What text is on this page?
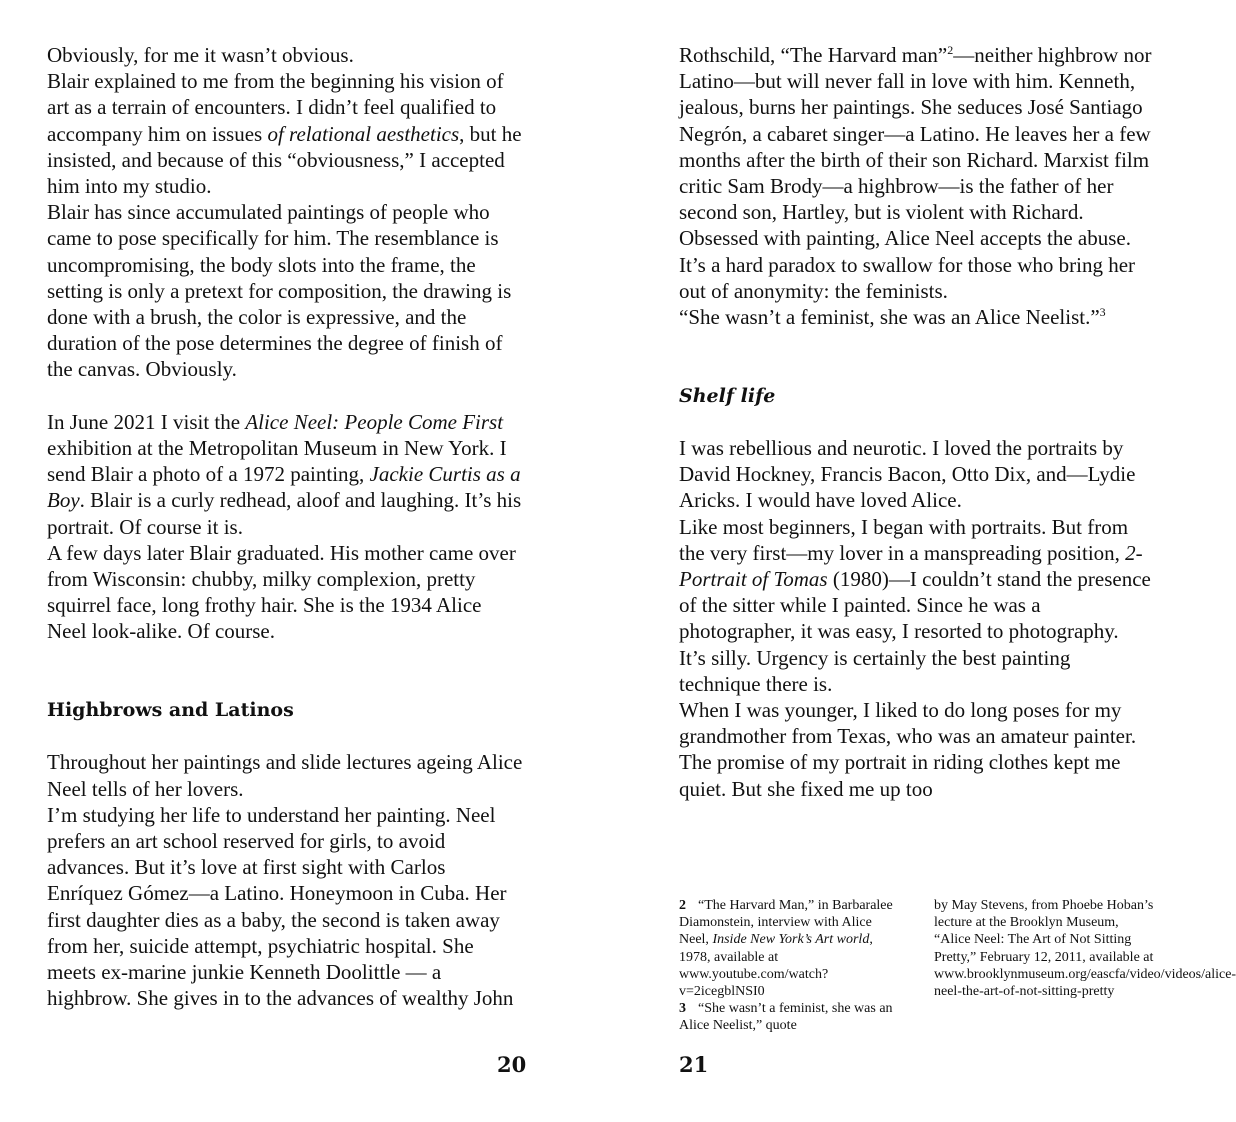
Obviously, for me it wasn’t obvious.

Blair explained to me from the beginning his vision of art as a terrain of encounters. I didn’t feel qualified to accompany him on issues of relational aesthetics, but he insisted, and because of this “obviousness,” I accepted him into my studio.

Blair has since accumulated paintings of people who came to pose specifically for him. The resemblance is uncompromising, the body slots into the frame, the setting is only a pretext for composition, the drawing is done with a brush, the color is expressive, and the duration of the pose determines the degree of finish of the canvas. Obviously.

In June 2021 I visit the Alice Neel: People Come First exhibition at the Metropolitan Museum in New York. I send Blair a photo of a 1972 painting, Jackie Curtis as a Boy. Blair is a curly redhead, aloof and laughing. It’s his portrait. Of course it is.

A few days later Blair graduated. His mother came over from Wisconsin: chubby, milky complexion, pretty squirrel face, long frothy hair. She is the 1934 Alice Neel look-alike. Of course.

Highbrows and Latinos

Throughout her paintings and slide lectures ageing Alice Neel tells of her lovers.

I’m studying her life to understand her painting. Neel prefers an art school reserved for girls, to avoid advances. But it’s love at first sight with Carlos Enríquez Gómez—a Latino. Honeymoon in Cuba. Her first daughter dies as a baby, the second is taken away from her, suicide attempt, psychiatric hospital. She meets ex-marine junkie Kenneth Doolittle — a highbrow. She gives in to the advances of wealthy John

20

Rothschild, “The Harvard man”$^2$—neither highbrow nor Latino—but will never fall in love with him. Kenneth, jealous, burns her paintings. She seduces José Santiago Negrón, a cabaret singer—a Latino. He leaves her a few months after the birth of their son Richard. Marxist film critic Sam Brody—a highbrow—is the father of her second son, Hartley, but is violent with Richard. Obsessed with painting, Alice Neel accepts the abuse. It’s a hard paradox to swallow for those who bring her out of anonymity: the feminists.

“She wasn’t a feminist, she was an Alice Neelist.”$^3$

Shelf life

I was rebellious and neurotic. I loved the portraits by David Hockney, Francis Bacon, Otto Dix, and—Lydie Aricks. I would have loved Alice.

Like most beginners, I began with portraits. But from the very first—my lover in a manspreading position, 2-Portrait of Tomas (1980)—I couldn’t stand the presence of the sitter while I painted. Since he was a photographer, it was easy, I resorted to photography.

It’s silly. Urgency is certainly the best painting technique there is.

When I was younger, I liked to do long poses for my grandmother from Texas, who was an amateur painter. The promise of my portrait in riding clothes kept me quiet. But she fixed me up too

2 “The Harvard Man,” in Barbaralee Diamonstein, interview with Alice Neel, Inside New York’s Art world, 1978, available at www.youtube.com/watch?v=2icegblNSI0

3 “She wasn’t a feminist, she was an Alice Neelist,” quote

by May Stevens, from Phoebe Hoban’s lecture at the Brooklyn Museum, “Alice Neel: The Art of Not Sitting Pretty,” February 12, 2011, available at www.brooklynmuseum.org/eascfa/video/videos/alice-neel-the-art-of-not-sitting-pretty

21
